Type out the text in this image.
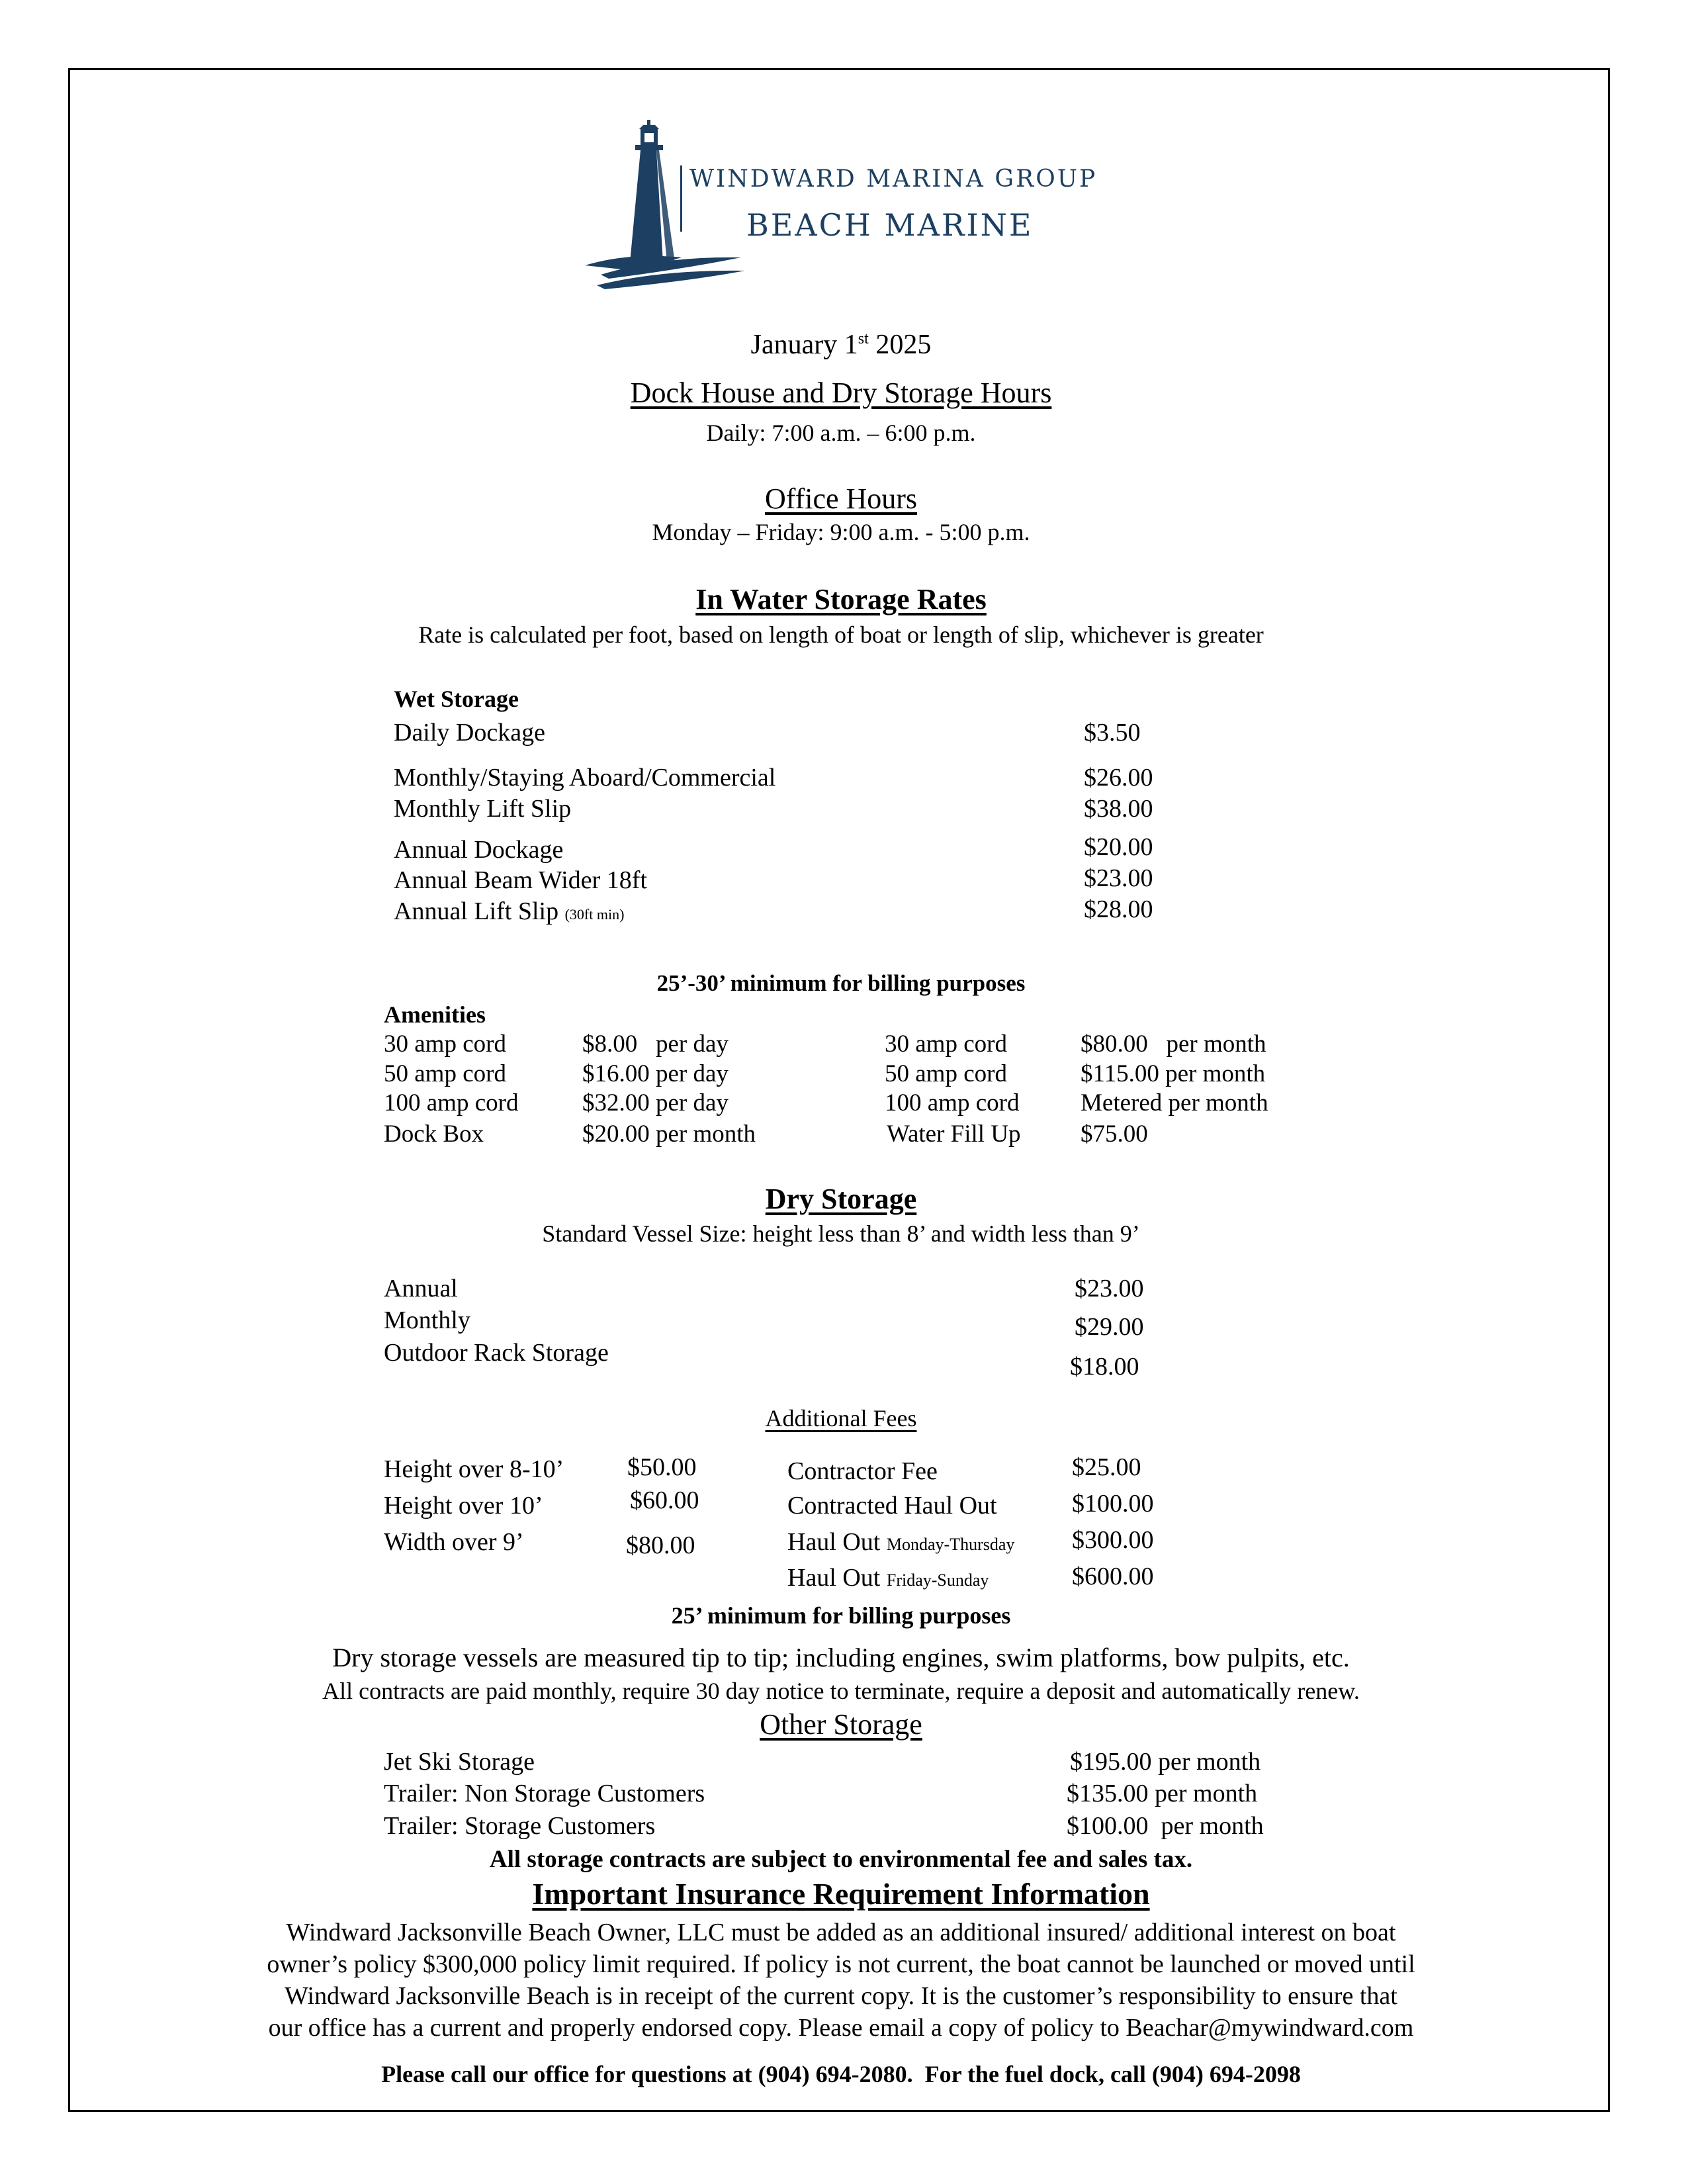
WINDWARD MARINA GROUP
BEACH MARINE
January 1st 2025
Dock House and Dry Storage Hours
Daily: 7:00 a.m. – 6:00 p.m.
Office Hours
Monday – Friday: 9:00 a.m. - 5:00 p.m.
In Water Storage Rates
Rate is calculated per foot, based on length of boat or length of slip, whichever is greater
Wet Storage
Daily Dockage	$3.50
Monthly/Staying Aboard/Commercial	$26.00
Monthly Lift Slip	$38.00
Annual Dockage	$20.00
Annual Beam Wider 18ft	$23.00
Annual Lift Slip (30ft min)	$28.00
25’-30’ minimum for billing purposes
Amenities
30 amp cord	$8.00   per day	30 amp cord	$80.00   per month
50 amp cord	$16.00 per day	50 amp cord	$115.00 per month
100 amp cord	$32.00 per day	100 amp cord	Metered per month
Dock Box	$20.00 per month	Water Fill Up $75.00
Dry Storage
Standard Vessel Size: height less than 8’ and width less than 9’
Annual	$23.00
Monthly	$29.00
Outdoor Rack Storage	$18.00
Additional Fees
Height over 8-10’	$50.00
Height over 10’	$60.00
Width over 9’	$80.00
Contractor Fee	$25.00
Contracted Haul Out	$100.00
Haul Out Monday-Thursday $300.00
Haul Out Friday-Sunday	$600.00
25’ minimum for billing purposes
Dry storage vessels are measured tip to tip; including engines, swim platforms, bow pulpits, etc.
All contracts are paid monthly, require 30 day notice to terminate, require a deposit and automatically renew.
Other Storage
Jet Ski Storage	$195.00 per month
Trailer: Non Storage Customers	$135.00 per month
Trailer: Storage Customers	$100.00  per month
All storage contracts are subject to environmental fee and sales tax.
Important Insurance Requirement Information
Windward Jacksonville Beach Owner, LLC must be added as an additional insured/ additional interest on boat
owner’s policy $300,000 policy limit required. If policy is not current, the boat cannot be launched or moved until
Windward Jacksonville Beach is in receipt of the current copy. It is the customer’s responsibility to ensure that
our office has a current and properly endorsed copy. Please email a copy of policy to Beachar@mywindward.com
Please call our office for questions at (904) 694-2080.  For the fuel dock, call (904) 694-2098
